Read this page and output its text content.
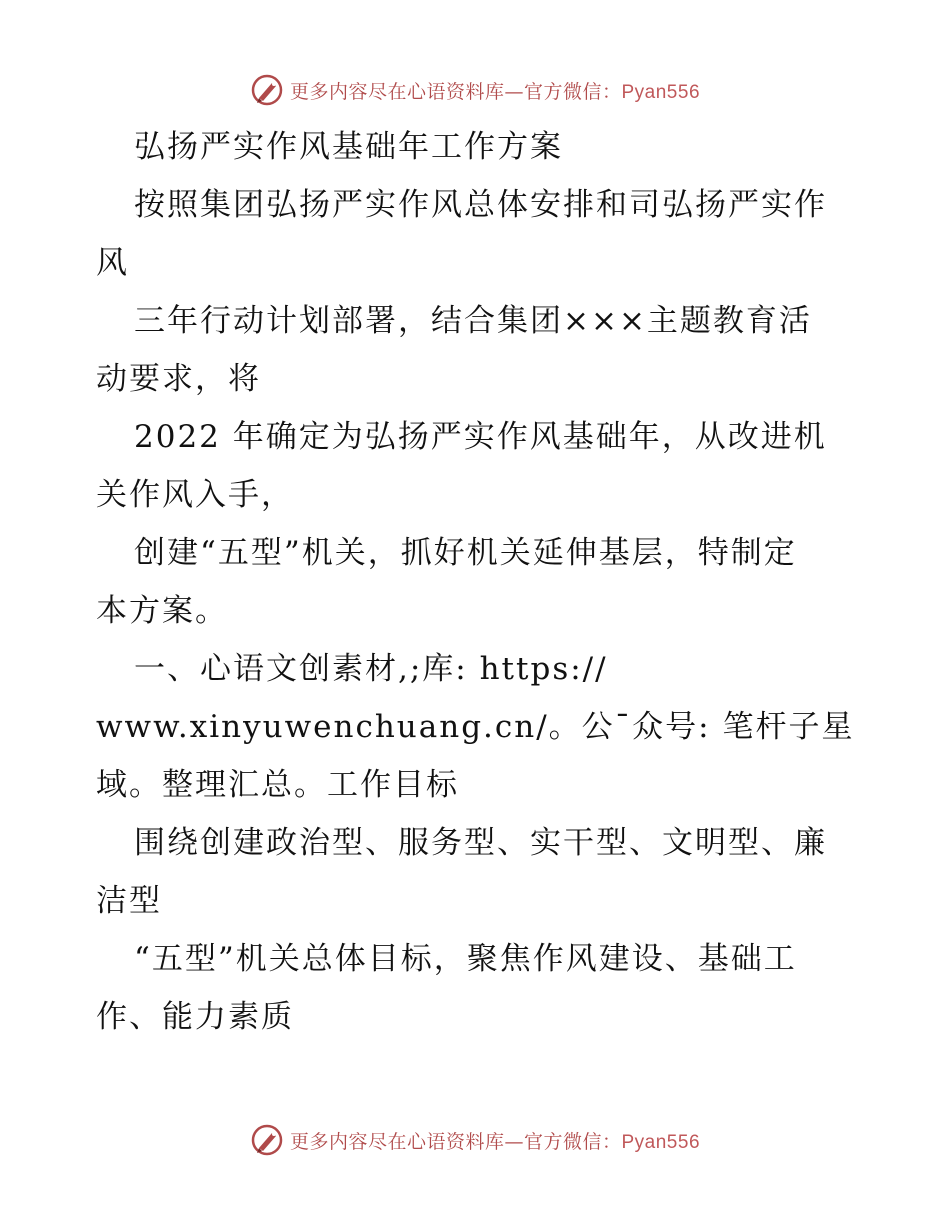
更多内容尽在心语资料库—官方微信：Pyan556
弘扬严实作风基础年工作方案
按照集团弘扬严实作风总体安排和司弘扬严实作
风
三年行动计划部署，结合集团×××主题教育活
动要求，将
2022 年确定为弘扬严实作风基础年，从改进机
关作风入手，
创建“五型”机关，抓好机关延伸基层，特制定
本方案。
一、心语文创素材,;库: https://
www.xinyuwenchuang.cn/。公¯众号: 笔杆子星
域。整理汇总。工作目标
围绕创建政治型、服务型、实干型、文明型、廉
洁型
“五型”机关总体目标，聚焦作风建设、基础工
作、能力素质
更多内容尽在心语资料库—官方微信：Pyan556
